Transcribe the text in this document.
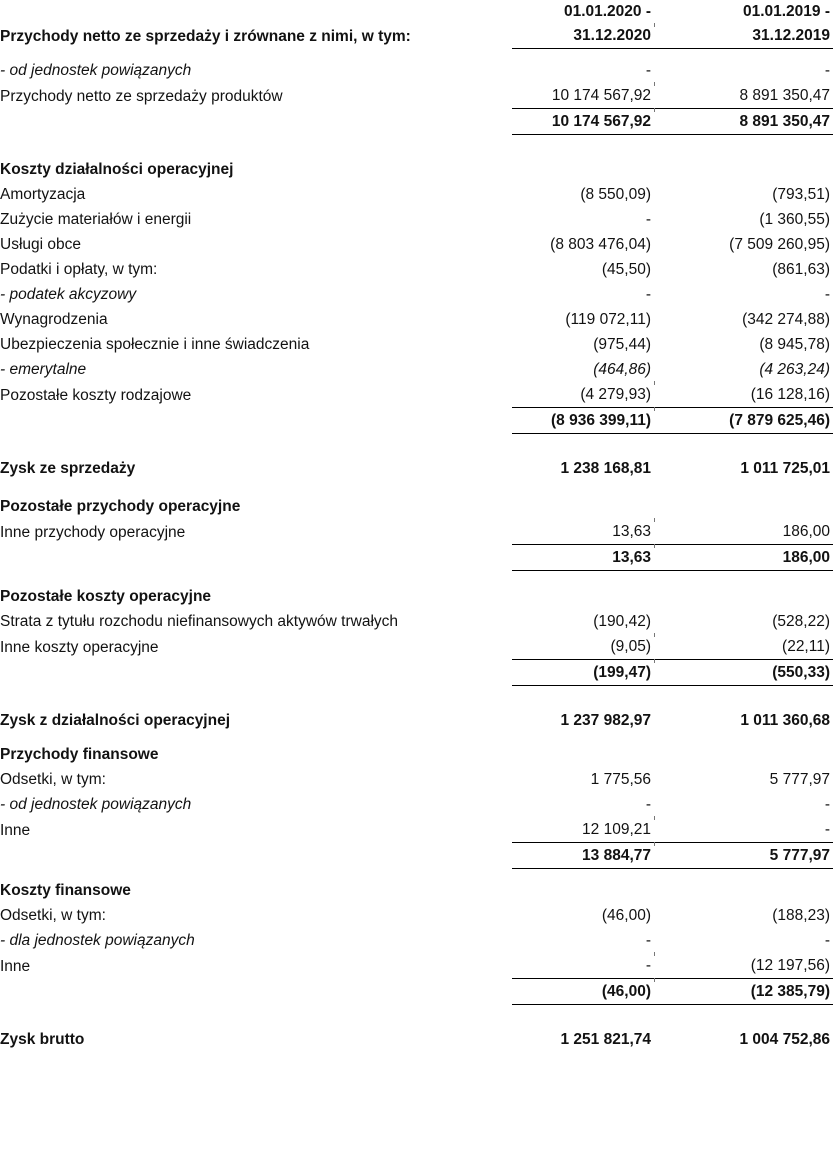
		01.01.2020 -		01.01.2019 -
Przychody netto ze sprzedaży i zrównane z nimi, w tym:		31.12.2020		31.12.2019

- od jednostek powiązanych		-		-
Przychody netto ze sprzedaży produktów		10 174 567,92		8 891 350,47
		10 174 567,92		8 891 350,47

Koszty działalności operacyjnej				
Amortyzacja		(8 550,09)		(793,51)
Zużycie materiałów i energii		-		(1 360,55)
Usługi obce		(8 803 476,04)		(7 509 260,95)
Podatki i opłaty, w tym:		(45,50)		(861,63)
- podatek akcyzowy		-		-
Wynagrodzenia		(119 072,11)		(342 274,88)
Ubezpieczenia społecznie i inne świadczenia		(975,44)		(8 945,78)
- emerytalne		(464,86)		(4 263,24)
Pozostałe koszty rodzajowe		(4 279,93)		(16 128,16)
		(8 936 399,11)		(7 879 625,46)

Zysk ze sprzedaży		1 238 168,81		1 011 725,01

Pozostałe przychody operacyjne				
Inne przychody operacyjne		13,63		186,00
		13,63		186,00

Pozostałe koszty operacyjne				
Strata z tytułu rozchodu niefinansowych aktywów trwałych		(190,42)		(528,22)
Inne koszty operacyjne		(9,05)		(22,11)
		(199,47)		(550,33)

Zysk z działalności operacyjnej		1 237 982,97		1 011 360,68

Przychody finansowe				
Odsetki, w tym:		1 775,56		5 777,97
- od jednostek powiązanych		-		-
Inne		12 109,21		-
		13 884,77		5 777,97

Koszty finansowe				
Odsetki, w tym:		(46,00)		(188,23)
- dla jednostek powiązanych		-		-
Inne		-		(12 197,56)
		(46,00)		(12 385,79)

Zysk brutto		1 251 821,74		1 004 752,86
